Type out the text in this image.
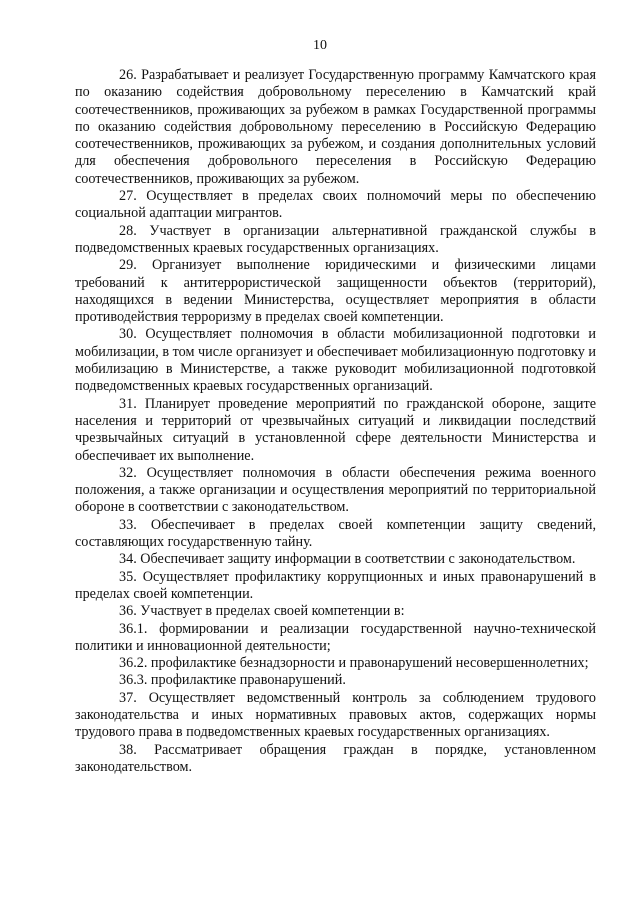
10

26. Разрабатывает и реализует Государственную программу Камчатского края по оказанию содействия добровольному переселению в Камчатский край соотечественников, проживающих за рубежом в рамках Государственной программы по оказанию содействия добровольному переселению в Российскую Федерацию соотечественников, проживающих за рубежом, и создания дополнительных условий для обеспечения добровольного переселения в Российскую Федерацию соотечественников, проживающих за рубежом.

27. Осуществляет в пределах своих полномочий меры по обеспечению социальной адаптации мигрантов.

28. Участвует в организации альтернативной гражданской службы в подведомственных краевых государственных организациях.

29. Организует выполнение юридическими и физическими лицами требований к антитеррористической защищенности объектов (территорий), находящихся в ведении Министерства, осуществляет мероприятия в области противодействия терроризму в пределах своей компетенции.

30. Осуществляет полномочия в области мобилизационной подготовки и мобилизации, в том числе организует и обеспечивает мобилизационную подготовку и мобилизацию в Министерстве, а также руководит мобилизационной подготовкой подведомственных краевых государственных организаций.

31. Планирует проведение мероприятий по гражданской обороне, защите населения и территорий от чрезвычайных ситуаций и ликвидации последствий чрезвычайных ситуаций в установленной сфере деятельности Министерства и обеспечивает их выполнение.

32. Осуществляет полномочия в области обеспечения режима военного положения, а также организации и осуществления мероприятий по территориальной обороне в соответствии с законодательством.

33. Обеспечивает в пределах своей компетенции защиту сведений, составляющих государственную тайну.

34. Обеспечивает защиту информации в соответствии с законодательством.

35. Осуществляет профилактику коррупционных и иных правонарушений в пределах своей компетенции.

36. Участвует в пределах своей компетенции в:

36.1. формировании и реализации государственной научно-технической политики и инновационной деятельности;

36.2. профилактике безнадзорности и правонарушений несовершеннолетних;

36.3. профилактике правонарушений.

37. Осуществляет ведомственный контроль за соблюдением трудового законодательства и иных нормативных правовых актов, содержащих нормы трудового права в подведомственных краевых государственных организациях.

38. Рассматривает обращения граждан в порядке, установленном законодательством.
